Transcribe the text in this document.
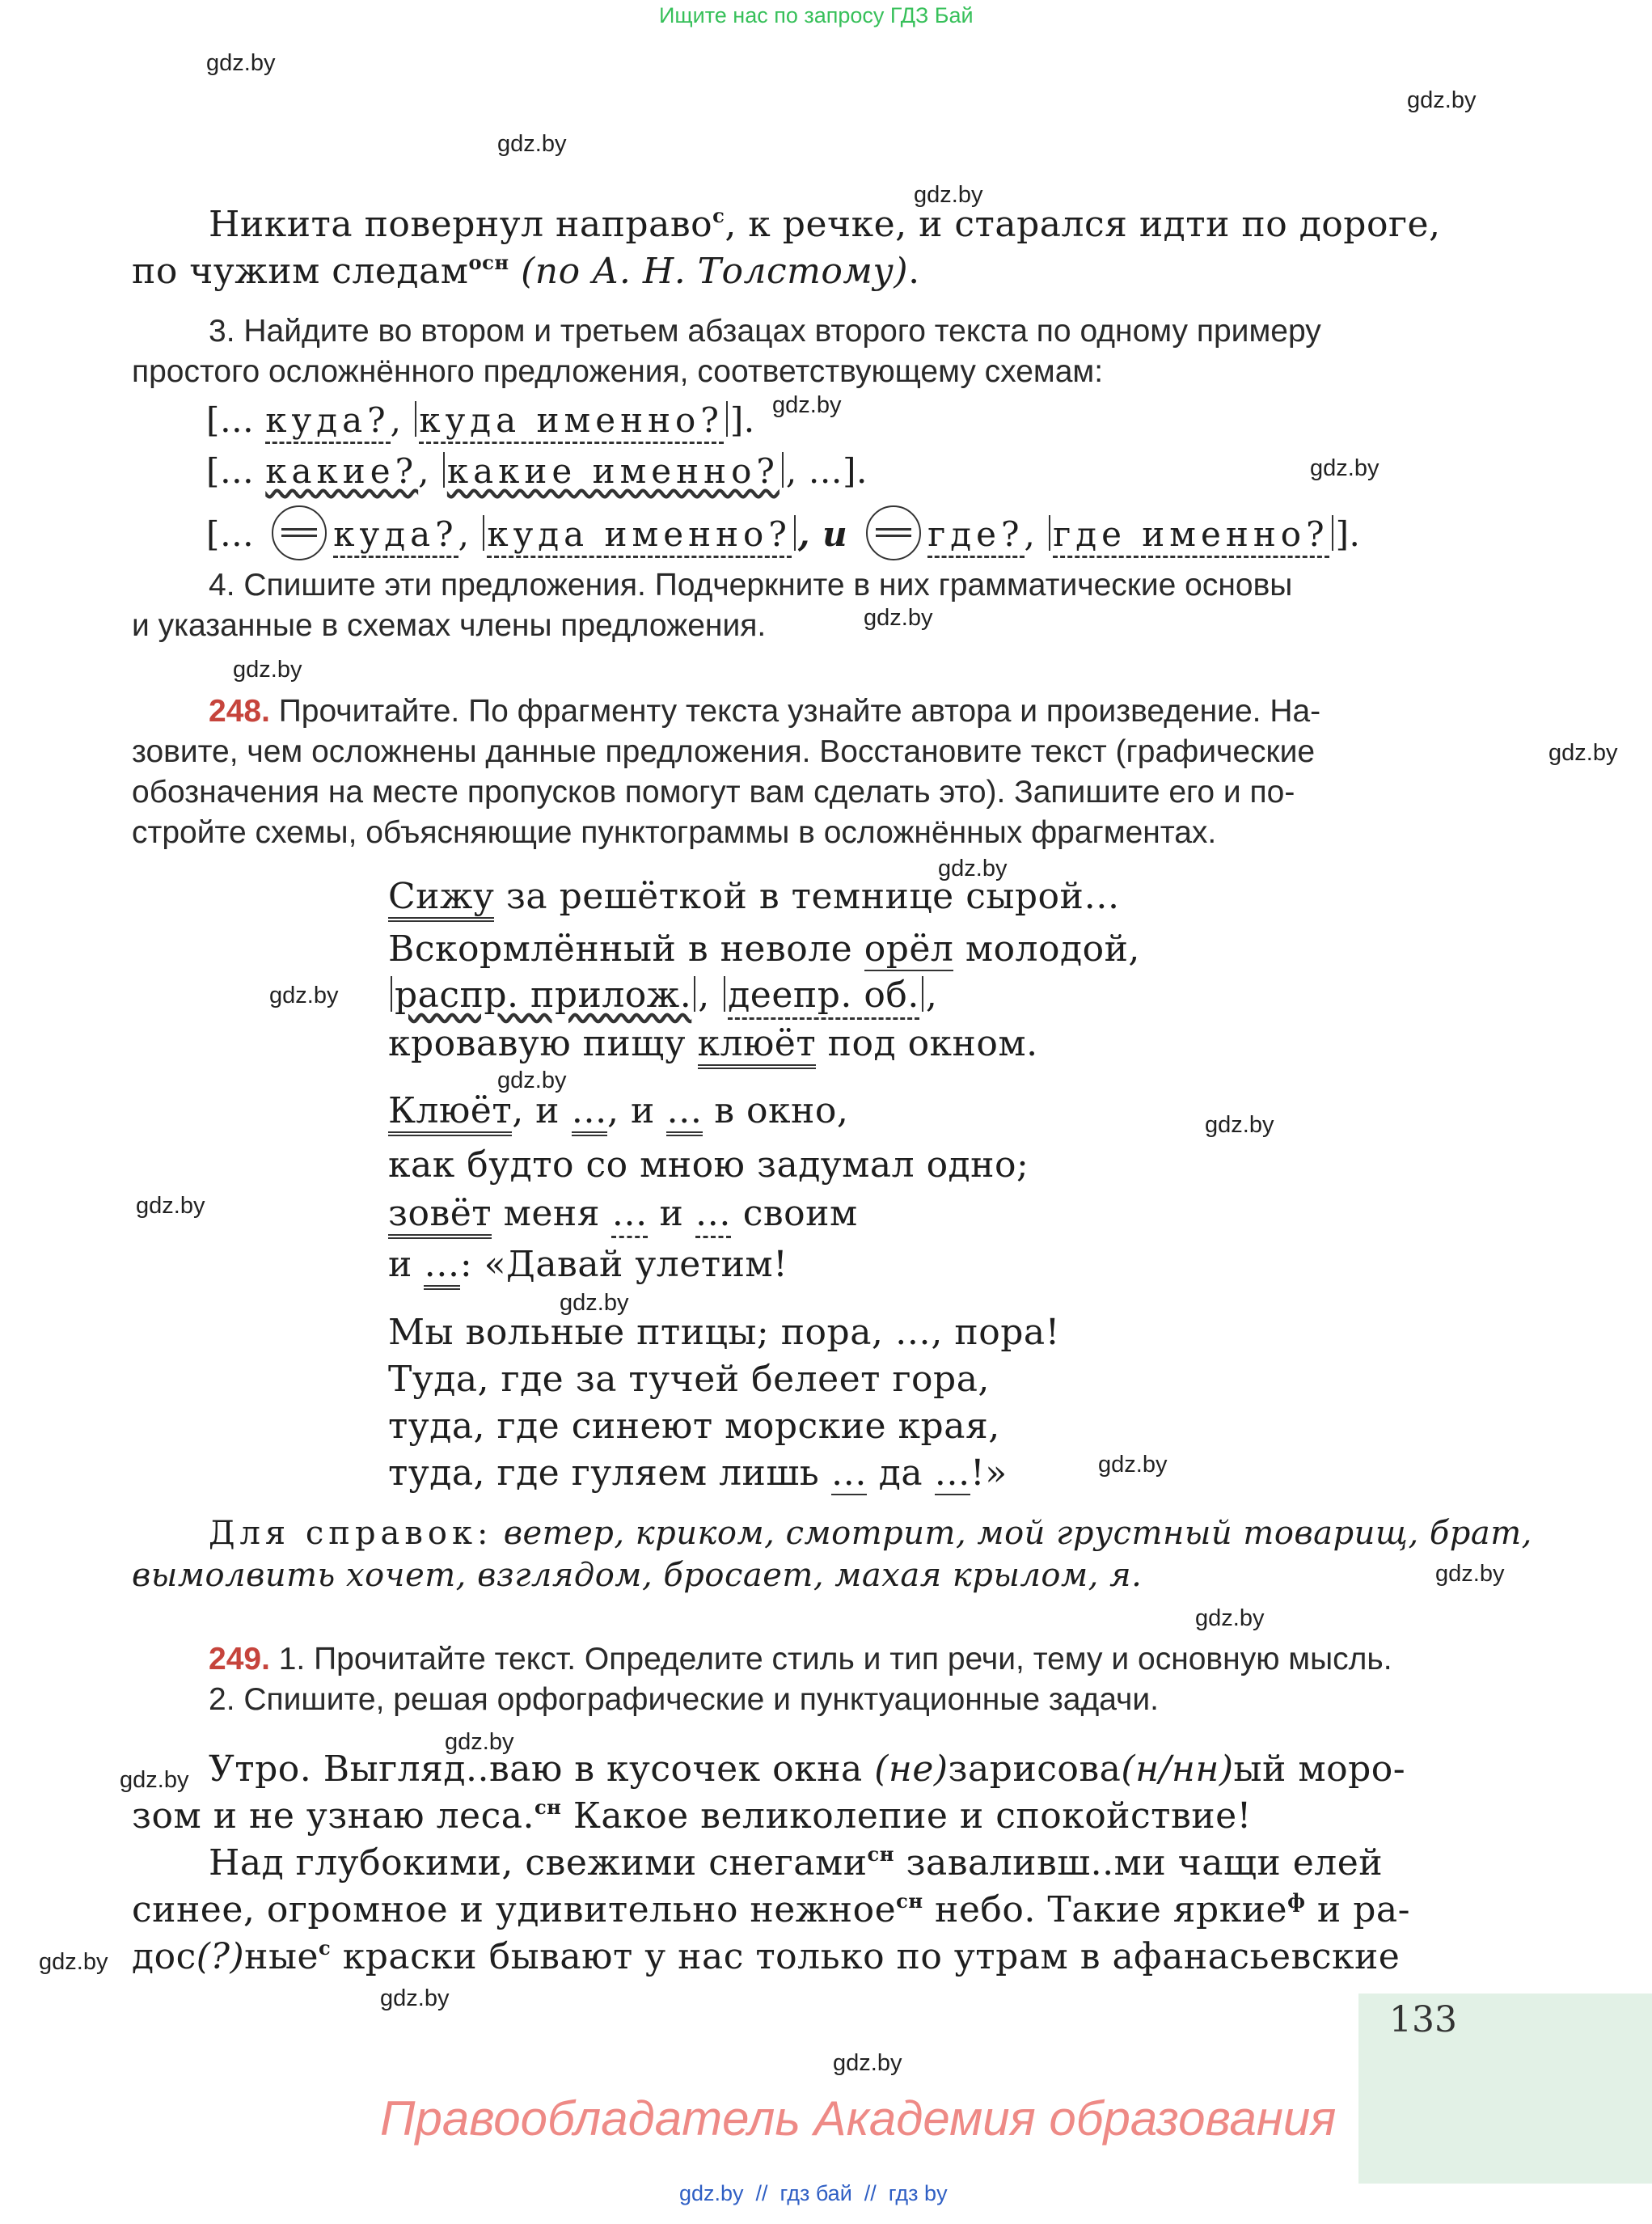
Ищите нас по запросу ГДЗ Бай
gdz.by
gdz.by
gdz.by
gdz.by
gdz.by
gdz.by
gdz.by
gdz.by
gdz.by
gdz.by
gdz.by
gdz.by
gdz.by
gdz.by
gdz.by
gdz.by
gdz.by
gdz.by
gdz.by
gdz.by
gdz.by
gdz.by
gdz.by
Никита повернул направо$^с$, к речке, и старался идти по дороге,
по чужим следам$^{осн}$ (по А. Н. Толстому).
3. Найдите во втором и третьем абзацах второго текста по одному примеру
простого осложнённого предложения, соответствующему схемам:
[… куда?, куда именно? ].
[… какие?, какие именно? , …].
[… куда?, куда именно? , и где?, где именно? ].
4. Спишите эти предложения. Подчеркните в них грамматические основы
и указанные в схемах члены предложения.
248. Прочитайте. По фрагменту текста узнайте автора и произведение. На-
зовите, чем осложнены данные предложения. Восстановите текст (графические
обозначения на месте пропусков помогут вам сделать это). Запишите его и по-
стройте схемы, объясняющие пунктограммы в осложнённых фрагментах.
Сижу за решёткой в темнице сырой…
Вскормлённый в неволе орёл молодой,
распр. прилож. , деепр. об. ,
кровавую пищу клюёт под окном.
Клюёт, и …, и … в окно,
как будто со мною задумал одно;
зовёт меня … и … своим
и …: «Давай улетим!
Мы вольные птицы; пора, …, пора!
Туда, где за тучей белеет гора,
туда, где синеют морские края,
туда, где гуляем лишь … да …!»
Для справок: ветер, криком, смотрит, мой грустный товарищ, брат,
вымолвить хочет, взглядом, бросает, махая крылом, я.
249. 1. Прочитайте текст. Определите стиль и тип речи, тему и основную мысль.
2. Спишите, решая орфографические и пунктуационные задачи.
Утро. Выгляд..ваю в кусочек окна (не)зарисова(н/нн)ый моро-
зом и не узнаю леса.$^{сн}$ Какое великолепие и спокойствие!
Над глубокими, свежими снегами$^{сн}$ заваливш..ми чащи елей
синее, огромное и удивительно нежное$^{сн}$ небо. Такие яркие$^ф$ и ра-
дос(?)ные$^с$ краски бывают у нас только по утрам в афанасьевские
133
Правообладатель Академия образования
gdz.by  //  гдз бай  //  гдз by
